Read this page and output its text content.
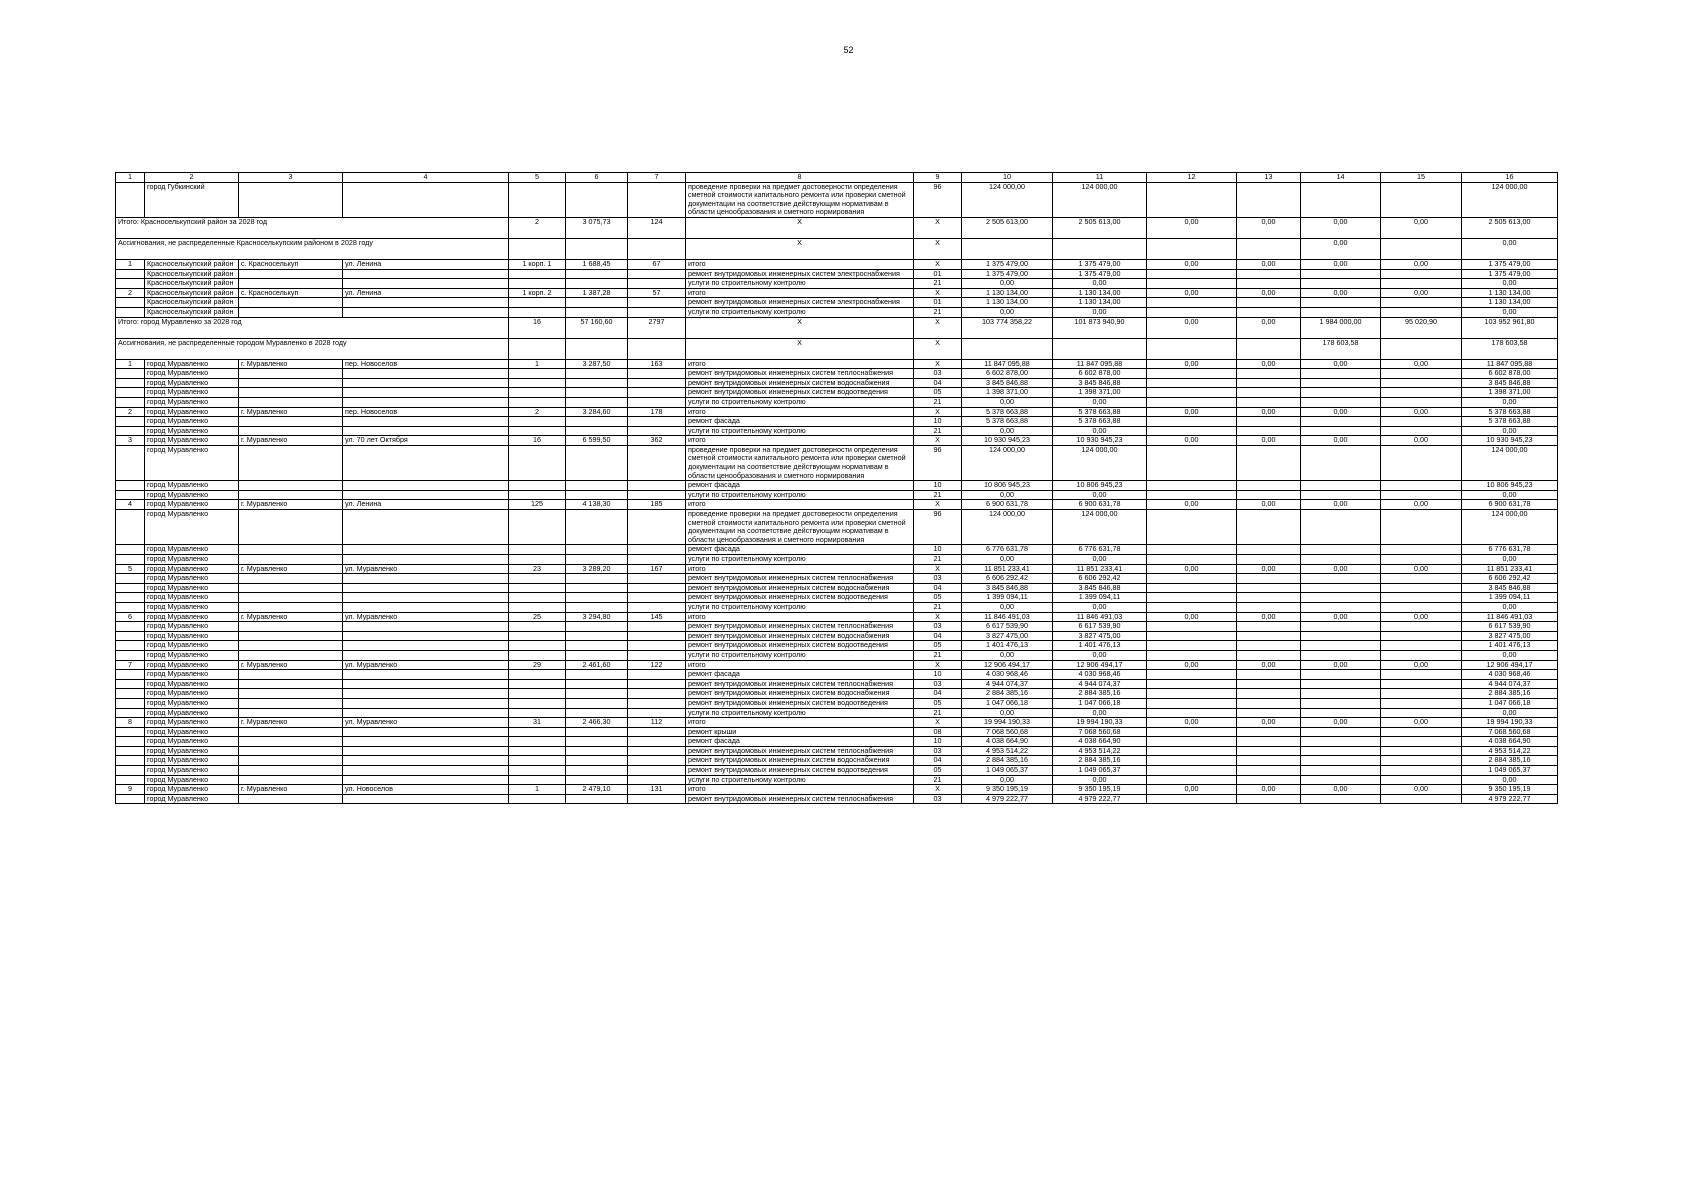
52
1	2	3	4	5	6	7	8	9	10	11	12	13	14	15	16
	город Губкинский						проведение проверки на предмет достоверности определения сметной стоимости капитального ремонта или проверки сметной документации на соответствие действующим нормативам в области ценообразования и сметного нормирования	96	124 000,00	124 000,00					124 000,00
Итого: Красноселькупский район за 2028 год				2	3 075,73	124	X	X	2 505 613,00	2 505 613,00	0,00	0,00	0,00	0,00	2 505 613,00
Ассигнования, не распределенные Красноселькупским районом в 2028 году							X	X					0,00		0,00
1	Красноселькупский район	с. Красноселькуп	ул. Ленина	1 корп. 1	1 688,45	67	итого	X	1 375 479,00	1 375 479,00	0,00	0,00	0,00	0,00	1 375 479,00
	Красноселькупский район						ремонт внутридомовых инженерных систем электроснабжения	01	1 375 479,00	1 375 479,00					1 375 479,00
	Красноселькупский район						услуги по строительному контролю	21	0,00	0,00					0,00
2	Красноселькупский район	с. Красноселькуп	ул. Ленина	1 корп. 2	1 387,28	57	итого	X	1 130 134,00	1 130 134,00	0,00	0,00	0,00	0,00	1 130 134,00
	Красноселькупский район						ремонт внутридомовых инженерных систем электроснабжения	01	1 130 134,00	1 130 134,00					1 130 134,00
	Красноселькупский район						услуги по строительному контролю	21	0,00	0,00					0,00
Итого: город Муравленко за 2028 год				16	57 160,60	2797	X	X	103 774 358,22	101 873 940,90	0,00	0,00	1 984 000,00	95 020,90	103 952 961,80
Ассигнования, не распределенные городом Муравленко в 2028 году							X	X					178 603,58		178 603,58
1	город Муравленко	г. Муравленко	пер. Новоселов	1	3 287,50	163	итого	X	11 847 095,88	11 847 095,88	0,00	0,00	0,00	0,00	11 847 095,88
	город Муравленко						ремонт внутридомовых инженерных систем теплоснабжения	03	6 602 878,00	6 602 878,00					6 602 878,00
	город Муравленко						ремонт внутридомовых инженерных систем водоснабжения	04	3 845 846,88	3 845 846,88					3 845 846,88
	город Муравленко						ремонт внутридомовых инженерных систем водоотведения	05	1 398 371,00	1 398 371,00					1 398 371,00
	город Муравленко						услуги по строительному контролю	21	0,00	0,00					0,00
2	город Муравленко	г. Муравленко	пер. Новоселов	2	3 284,60	178	итого	X	5 378 663,88	5 378 663,88	0,00	0,00	0,00	0,00	5 378 663,88
	город Муравленко						ремонт фасада	10	5 378 663,88	5 378 663,88					5 378 663,88
	город Муравленко						услуги по строительному контролю	21	0,00	0,00					0,00
3	город Муравленко	г. Муравленко	ул. 70 лет Октября	16	6 599,50	362	итого	X	10 930 945,23	10 930 945,23	0,00	0,00	0,00	0,00	10 930 945,23
	город Муравленко						проведение проверки на предмет достоверности определения сметной стоимости капитального ремонта или проверки сметной документации на соответствие действующим нормативам в области ценообразования и сметного нормирования	96	124 000,00	124 000,00					124 000,00
	город Муравленко						ремонт фасада	10	10 806 945,23	10 806 945,23					10 806 945,23
	город Муравленко						услуги по строительному контролю	21	0,00	0,00					0,00
4	город Муравленко	г. Муравленко	ул. Ленина	125	4 138,30	185	итого	X	6 900 631,78	6 900 631,78	0,00	0,00	0,00	0,00	6 900 631,78
	город Муравленко						проведение проверки на предмет достоверности определения сметной стоимости капитального ремонта или проверки сметной документации на соответствие действующим нормативам в области ценообразования и сметного нормирования	96	124 000,00	124 000,00					124 000,00
	город Муравленко						ремонт фасада	10	6 776 631,78	6 776 631,78					6 776 631,78
	город Муравленко						услуги по строительному контролю	21	0,00	0,00					0,00
5	город Муравленко	г. Муравленко	ул. Муравленко	23	3 289,20	167	итого	X	11 851 233,41	11 851 233,41	0,00	0,00	0,00	0,00	11 851 233,41
	город Муравленко						ремонт внутридомовых инженерных систем теплоснабжения	03	6 606 292,42	6 606 292,42					6 606 292,42
	город Муравленко						ремонт внутридомовых инженерных систем водоснабжения	04	3 845 846,88	3 845 846,88					3 845 846,88
	город Муравленко						ремонт внутридомовых инженерных систем водоотведения	05	1 399 094,11	1 399 094,11					1 399 094,11
	город Муравленко						услуги по строительному контролю	21	0,00	0,00					0,00
6	город Муравленко	г. Муравленко	ул. Муравленко	25	3 294,80	145	итого	X	11 846 491,03	11 846 491,03	0,00	0,00	0,00	0,00	11 846 491,03
	город Муравленко						ремонт внутридомовых инженерных систем теплоснабжения	03	6 617 539,90	6 617 539,90					6 617 539,90
	город Муравленко						ремонт внутридомовых инженерных систем водоснабжения	04	3 827 475,00	3 827 475,00					3 827 475,00
	город Муравленко						ремонт внутридомовых инженерных систем водоотведения	05	1 401 476,13	1 401 476,13					1 401 476,13
	город Муравленко						услуги по строительному контролю	21	0,00	0,00					0,00
7	город Муравленко	г. Муравленко	ул. Муравленко	29	2 461,60	122	итого	X	12 906 494,17	12 906 494,17	0,00	0,00	0,00	0,00	12 906 494,17
	город Муравленко						ремонт фасада	10	4 030 968,46	4 030 968,46					4 030 968,46
	город Муравленко						ремонт внутридомовых инженерных систем теплоснабжения	03	4 944 074,37	4 944 074,37					4 944 074,37
	город Муравленко						ремонт внутридомовых инженерных систем водоснабжения	04	2 884 385,16	2 884 385,16					2 884 385,16
	город Муравленко						ремонт внутридомовых инженерных систем водоотведения	05	1 047 066,18	1 047 066,18					1 047 066,18
	город Муравленко						услуги по строительному контролю	21	0,00	0,00					0,00
8	город Муравленко	г. Муравленко	ул. Муравленко	31	2 466,30	112	итого	X	19 994 190,33	19 994 190,33	0,00	0,00	0,00	0,00	19 994 190,33
	город Муравленко						ремонт крыши	08	7 068 560,68	7 068 560,68					7 068 560,68
	город Муравленко						ремонт фасада	10	4 038 664,90	4 038 664,90					4 038 664,90
	город Муравленко						ремонт внутридомовых инженерных систем теплоснабжения	03	4 953 514,22	4 953 514,22					4 953 514,22
	город Муравленко						ремонт внутридомовых инженерных систем водоснабжения	04	2 884 385,16	2 884 385,16					2 884 385,16
	город Муравленко						ремонт внутридомовых инженерных систем водоотведения	05	1 049 065,37	1 049 065,37					1 049 065,37
	город Муравленко						услуги по строительному контролю	21	0,00	0,00					0,00
9	город Муравленко	г. Муравленко	ул. Новоселов	1	2 479,10	131	итого	X	9 350 195,19	9 350 195,19	0,00	0,00	0,00	0,00	9 350 195,19
	город Муравленко						ремонт внутридомовых инженерных систем теплоснабжения	03	4 979 222,77	4 979 222,77					4 979 222,77
